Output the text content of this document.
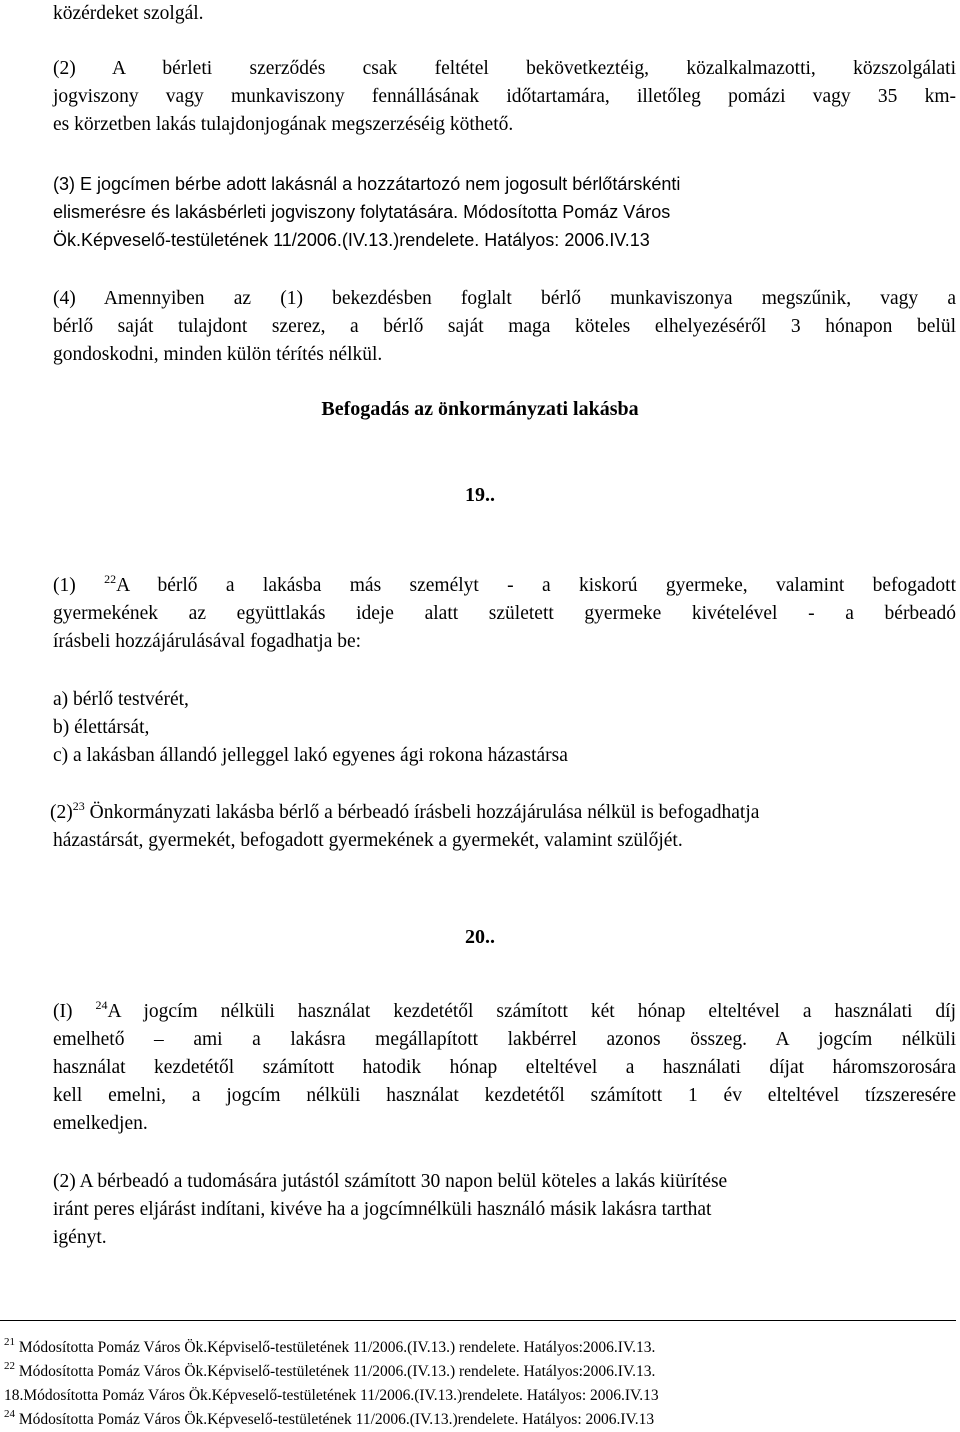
közérdeket szolgál.

(2) A bérleti szerződés csak feltétel bekövetkeztéig, közalkalmazotti, közszolgálati
jogviszony vagy munkaviszony fennállásának időtartamára, illetőleg pomázi vagy 35 km-
es körzetben lakás tulajdonjogának megszerzéséig köthető.

(3) E jogcímen bérbe adott lakásnál a hozzátartozó nem jogosult bérlőtárskénti
elismerésre és lakásbérleti jogviszony folytatására. Módosította Pomáz Város
Ök.Képveselő-testületének 11/2006.(IV.13.)rendelete. Hatályos: 2006.IV.13

(4) Amennyiben az (1) bekezdésben foglalt bérlő munkaviszonya megszűnik, vagy a
bérlő saját tulajdont szerez, a bérlő saját maga köteles elhelyezéséről 3 hónapon belül
gondoskodni, minden külön térítés nélkül.

Befogadás az önkormányzati lakásba

19..

(1) $^{22}$A bérlő a lakásba más személyt - a kiskorú gyermeke, valamint befogadott
gyermekének az együttlakás ideje alatt született gyermeke kivételével - a bérbeadó
írásbeli hozzájárulásával fogadhatja be:

a) bérlő testvérét,
b) élettársát,
c) a lakásban állandó jelleggel lakó egyenes ági rokona házastársa

$(2)^{23}$ Önkormányzati lakásba bérlő a bérbeadó írásbeli hozzájárulása nélkül is befogadhatja
házastársát, gyermekét, befogadott gyermekének a gyermekét, valamint szülőjét.

20..

(I) $^{24}$A jogcím nélküli használat kezdetétől számított két hónap elteltével a használati díj
emelhető – ami a lakásra megállapított lakbérrel azonos összeg. A jogcím nélküli
használat kezdetétől számított hatodik hónap elteltével a használati díjat háromszorosára
kell emelni, a jogcím nélküli használat kezdetétől számított 1 év elteltével tízszeresére
emelkedjen.

(2) A bérbeadó a tudomására jutástól számított 30 napon belül köteles a lakás kiürítése
iránt peres eljárást indítani, kivéve ha a jogcímnélküli használó másik lakásra tarthat
igényt.

$^{21}$ Módosította Pomáz Város Ök.Képviselő-testületének 11/2006.(IV.13.) rendelete. Hatályos:2006.IV.13.

$^{22}$ Módosította Pomáz Város Ök.Képviselő-testületének 11/2006.(IV.13.) rendelete. Hatályos:2006.IV.13.

18.Módosította Pomáz Város Ök.Képveselő-testületének 11/2006.(IV.13.)rendelete. Hatályos: 2006.IV.13

$^{24}$ Módosította Pomáz Város Ök.Képveselő-testületének 11/2006.(IV.13.)rendelete. Hatályos: 2006.IV.13
